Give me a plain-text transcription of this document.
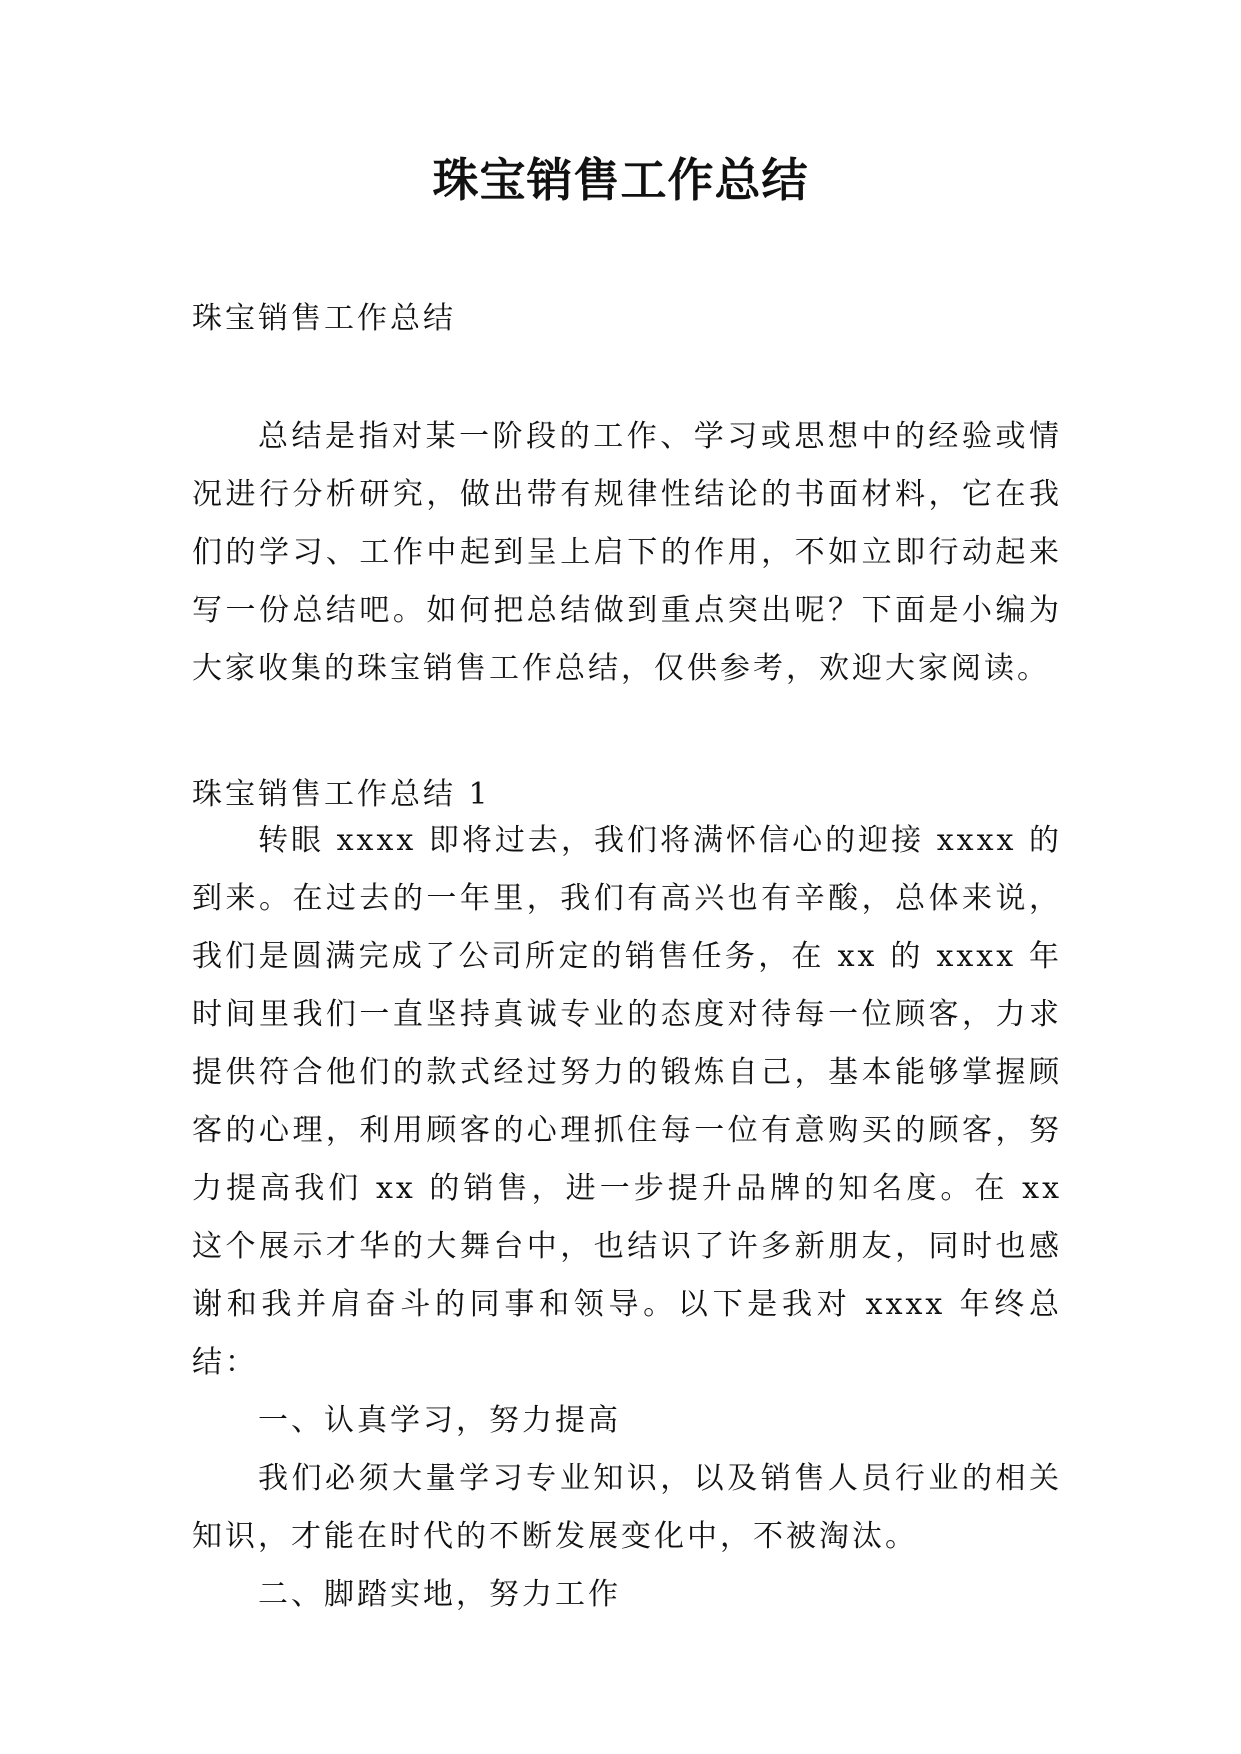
珠宝销售工作总结

珠宝销售工作总结

总结是指对某一阶段的工作、学习或思想中的经验或情况进行分析研究，做出带有规律性结论的书面材料，它在我们的学习、工作中起到呈上启下的作用，不如立即行动起来写一份总结吧。如何把总结做到重点突出呢？下面是小编为大家收集的珠宝销售工作总结，仅供参考，欢迎大家阅读。

珠宝销售工作总结 1

转眼 xxxx 即将过去，我们将满怀信心的迎接 xxxx 的到来。在过去的一年里，我们有高兴也有辛酸，总体来说，我们是圆满完成了公司所定的销售任务，在 xx 的 xxxx 年时间里我们一直坚持真诚专业的态度对待每一位顾客，力求提供符合他们的款式经过努力的锻炼自己，基本能够掌握顾客的心理，利用顾客的心理抓住每一位有意购买的顾客，努力提高我们 xx 的销售，进一步提升品牌的知名度。在 xx 这个展示才华的大舞台中，也结识了许多新朋友，同时也感谢和我并肩奋斗的同事和领导。以下是我对 xxxx 年终总结：

一、认真学习，努力提高

我们必须大量学习专业知识，以及销售人员行业的相关知识，才能在时代的不断发展变化中，不被淘汰。

二、脚踏实地，努力工作
